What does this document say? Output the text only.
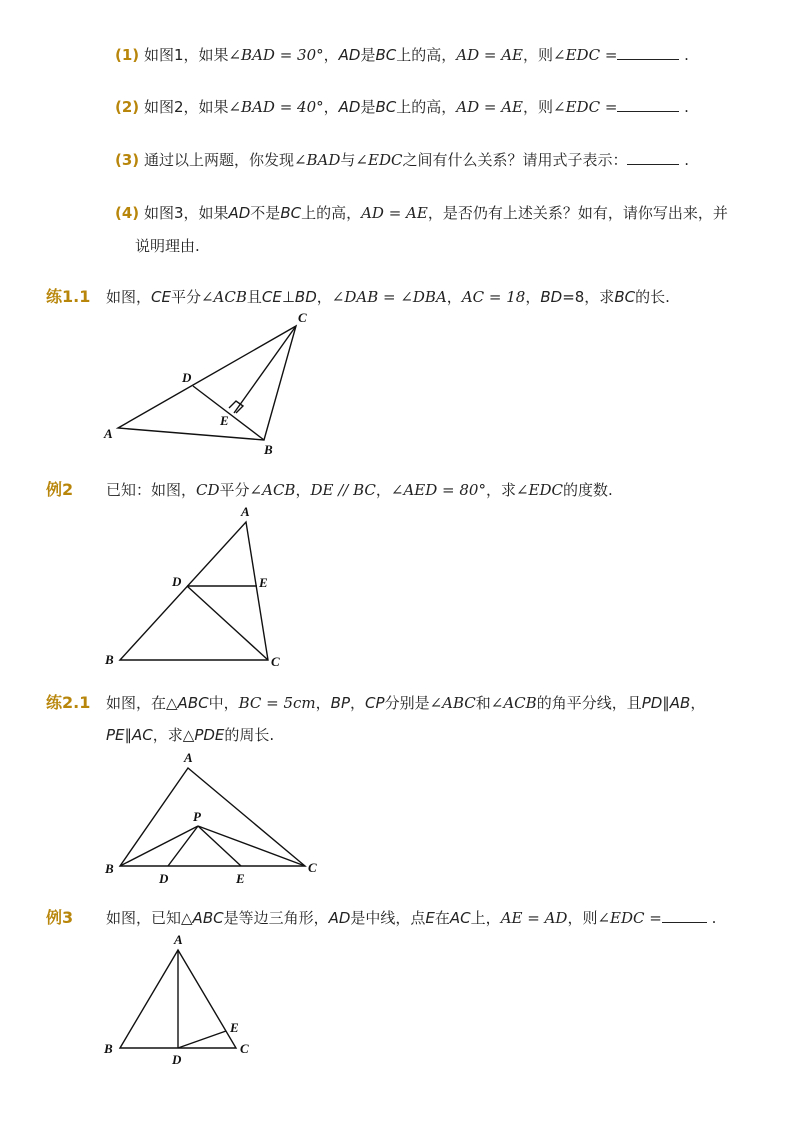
(1) 如图1，如果∠BAD = 30°，AD是BC上的高，AD = AE，则∠EDC =	.
(2) 如图2，如果∠BAD = 40°，AD是BC上的高，AD = AE，则∠EDC =	.
(3) 通过以上两题，你发现∠BAD与∠EDC之间有什么关系？请用式子表示：	.
(4) 如图3，如果AD不是BC上的高，AD = AE，是否仍有上述关系？如有，请你写出来，并
说明理由.
练1.1 如图，CE平分∠ACB且CE⊥BD，∠DAB = ∠DBA，AC = 18，BD=8，求BC的长.
A
B
C
D
E
例2 已知：如图，CD平分∠ACB，DE // BC，∠AED = 80°，求∠EDC的度数.
A
B	C
D	E
练2.1 如图，在△ABC中，BC = 5cm，BP，CP分别是∠ABC和∠ACB的角平分线，且PD∥AB，
PE∥AC，求△PDE的周长.
A
B	C
D	E
P
例3 如图，已知△ABC是等边三角形，AD是中线，点E在AC上，AE = AD，则∠EDC =	.
A
B	C
D
E
